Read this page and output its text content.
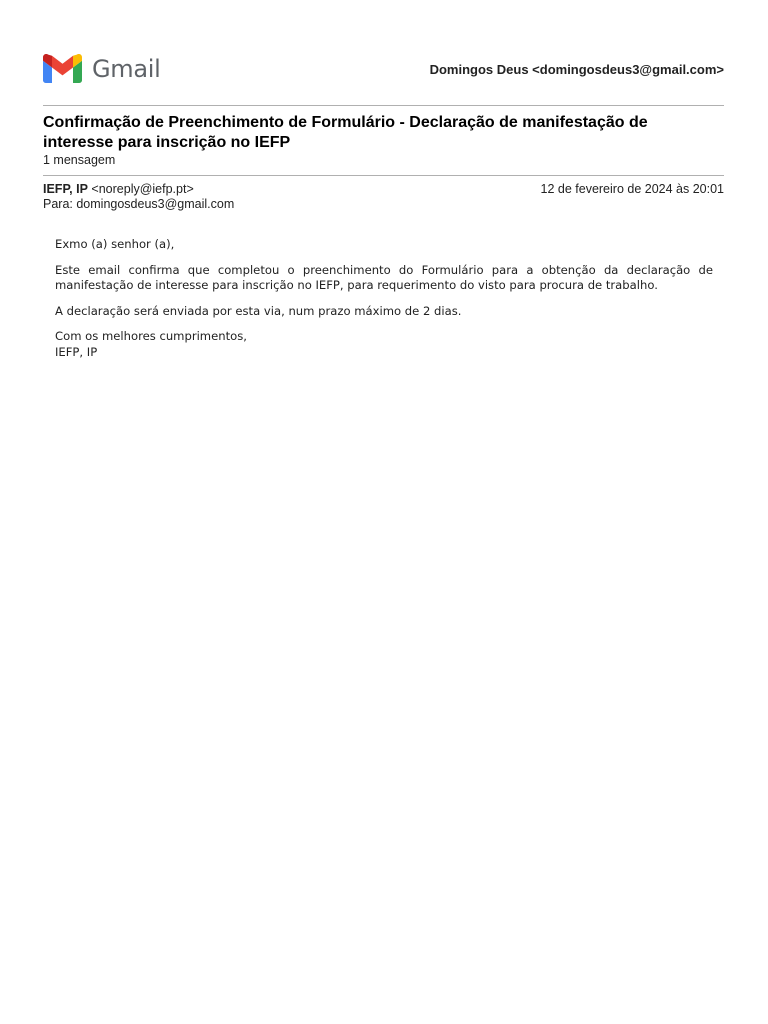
Gmail	Domingos Deus <domingosdeus3@gmail.com>
Confirmação de Preenchimento de Formulário - Declaração de manifestação de interesse para inscrição no IEFP
1 mensagem
IEFP, IP <noreply@iefp.pt>	12 de fevereiro de 2024 às 20:01
Para: domingosdeus3@gmail.com

Exmo (a) senhor (a),

Este email confirma que completou o preenchimento do Formulário para a obtenção da declaração de manifestação de interesse para inscrição no IEFP, para requerimento do visto para procura de trabalho.

A declaração será enviada por esta via, num prazo máximo de 2 dias.

Com os melhores cumprimentos,

IEFP, IP
